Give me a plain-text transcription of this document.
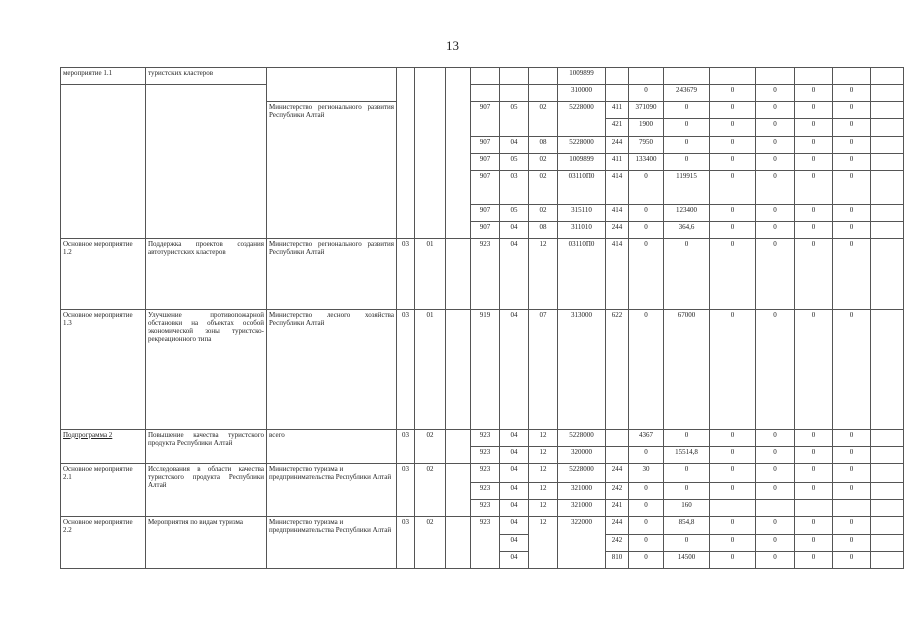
13
мероприятие 1.1	туристских кластеров								1009899								
									310000		0	243679	0	0	0	0	
		Министерство регионального развития Республики Алтай				907	05	02	5228000	411	371090	0	0	0	0	0	
										421	1900	0	0	0	0	0	
						907	04	08	5228000	244	7950	0	0	0	0	0	
						907	05	02	1009899	411	133400	0	0	0	0	0	
						907	03	02	03110П0	414	0	119915	0	0	0	0	
						907	05	02	315110	414	0	123400	0	0	0	0	
						907	04	08	311010	244	0	364,6	0	0	0	0	
Основное мероприятие 1.2	Поддержка проектов создания автотуристских кластеров	Министерство регионального развития Республики Алтай	03	01		923	04	12	03110П0	414	0	0	0	0	0	0	
Основное мероприятие 1.3	Улучшение противопожарной обстановки на объектах особой экономической зоны туристско-рекреационного типа	Министерство лесного хозяйства Республики Алтай	03	01		919	04	07	313000	622	0	67000	0	0	0	0	
Подпрограмма 2	Повышение качества туристского продукта Республики Алтай	всего	03	02		923	04	12	5228000		4367	0	0	0	0	0	
						923	04	12	320000		0	15514,8	0	0	0	0	
Основное мероприятие 2.1	Исследования в области качества туристского продукта Республики Алтай	Министерство туризма и предпринимательства Республики Алтай	03	02		923	04	12	5228000	244	30	0	0	0	0	0	
						923	04	12	321000	242	0	0	0	0	0	0	
						923	04	12	321000	241	0	160					
Основное мероприятие 2.2	Мероприятия по видам туризма	Министерство туризма и предпринимательства Республики Алтай	03	02		923	04	12	322000	244	0	854,8	0	0	0	0	
							04			242	0	0	0	0	0	0	
							04			810	0	14500	0	0	0	0	
